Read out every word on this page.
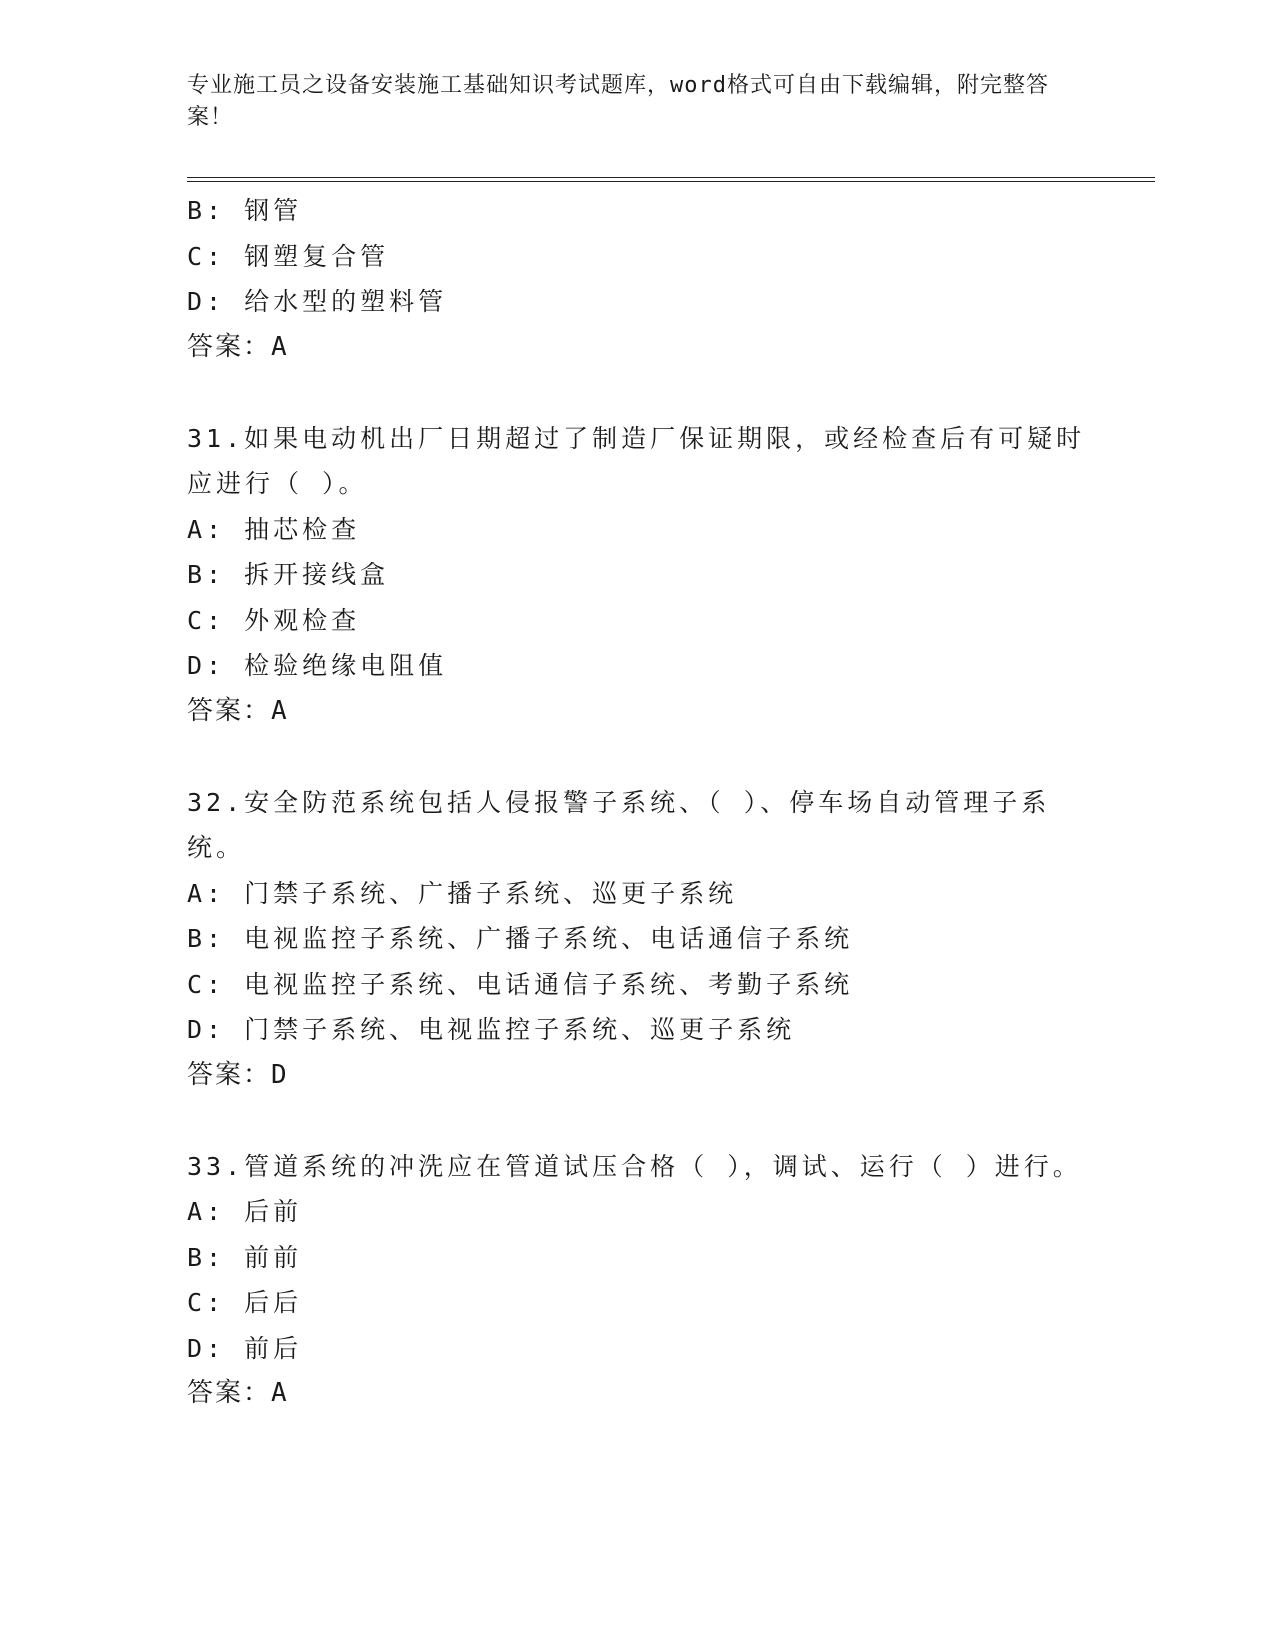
专业施工员之设备安装施工基础知识考试题库，word格式可自由下载编辑，附完整答案！
B: 钢管
C: 钢塑复合管
D: 给水型的塑料管
答案：A
31.如果电动机出厂日期超过了制造厂保证期限，或经检查后有可疑时
应进行（ ）。
A: 抽芯检查
B: 拆开接线盒
C: 外观检查
D: 检验绝缘电阻值
答案：A
32.安全防范系统包括人侵报警子系统、（ ）、停车场自动管理子系
统。
A: 门禁子系统、广播子系统、巡更子系统
B: 电视监控子系统、广播子系统、电话通信子系统
C: 电视监控子系统、电话通信子系统、考勤子系统
D: 门禁子系统、电视监控子系统、巡更子系统
答案：D
33.管道系统的冲洗应在管道试压合格（ ），调试、运行（ ）进行。
A: 后前
B: 前前
C: 后后
D: 前后
答案：A
